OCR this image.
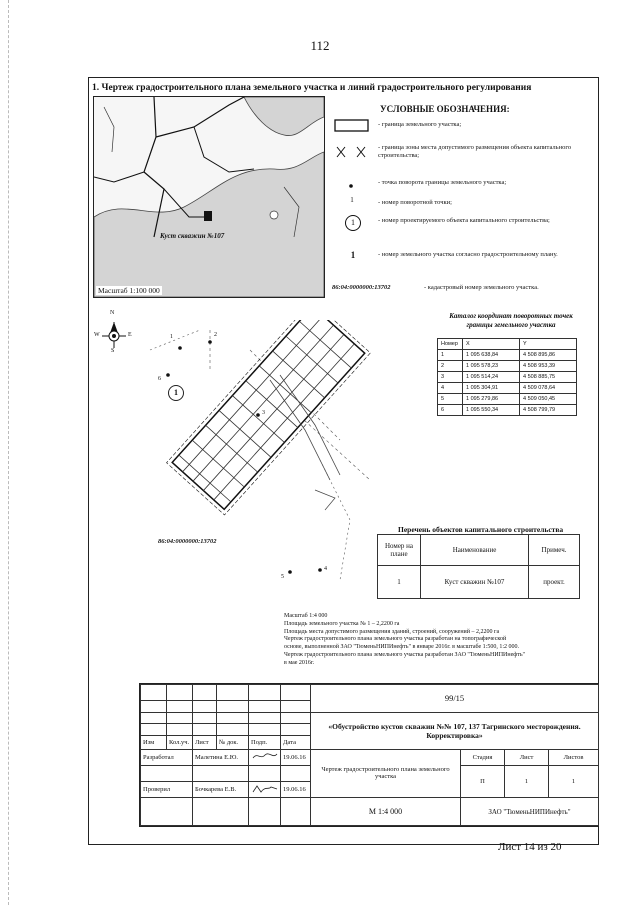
112
1. Чертеж градостроительного плана земельного участка и линий градостроительного регулирования
Куст скважин №107
Масштаб 1:100 000
УСЛОВНЫЕ ОБОЗНАЧЕНИЯ:
- граница земельного участка;
- граница зоны места допустимого размещения объекта капитального строительства;
- точка поворота границы земельного участка;
1	- номер поворотной точки;
1	- номер проектируемого объекта капитального строительства;
1	- номер земельного участка согласно градостроительному плану.
86:04:0000000:13702	- кадастровый номер земельного участка.
N
W	E
S
Каталог координат поворотных точек границы земельного участка
Номер	X	Y
1	1 095 638,84	4 508 895,86
2	1 095 578,23	4 508 953,39
3	1 095 514,24	4 508 885,75
4	1 095 304,91	4 509 078,64
5	1 095 279,86	4 509 050,45
6	1 095 550,34	4 508 799,79
1	2
3
4
5
6
1
86:04:0000000:13702
Перечень объектов капитального строительства
Номер на плане	Наименование	Примеч.
1	Куст скважин №107	проект.
Масштаб 1:4 000
Площадь земельного участка № 1 – 2,2200 га
Площадь места допустимого размещения зданий, строений, сооружений – 2,2200 га
Чертеж градостроительного плана земельного участка разработан на топографической
основе, выполненной ЗАО "ТюменьНИПИнефть" в январе 2016г. в масштабе 1:500, 1:2 000.
Чертеж градостроительного плана земельного участка разработан ЗАО "ТюменьНИПИнефть"
в мае 2016г.
						99/15			

						«Обустройство кустов скважин №№ 107, 137 Тагринского месторождения. Корректировка»			

Изм	Кол.уч.	Лист	№ док.	Подп.	Дата				
Разработал		Малетина Е.Ю.			19.06.16	Чертеж градостроительного плана земельного участка	Стадия	Лист	Листов
							П	1	1
Проверил		Бочкарева Е.В.			19.06.16				
						М 1:4 000	ЗАО "ТюменьНИПИнефть"		
Лист 14 из 20
